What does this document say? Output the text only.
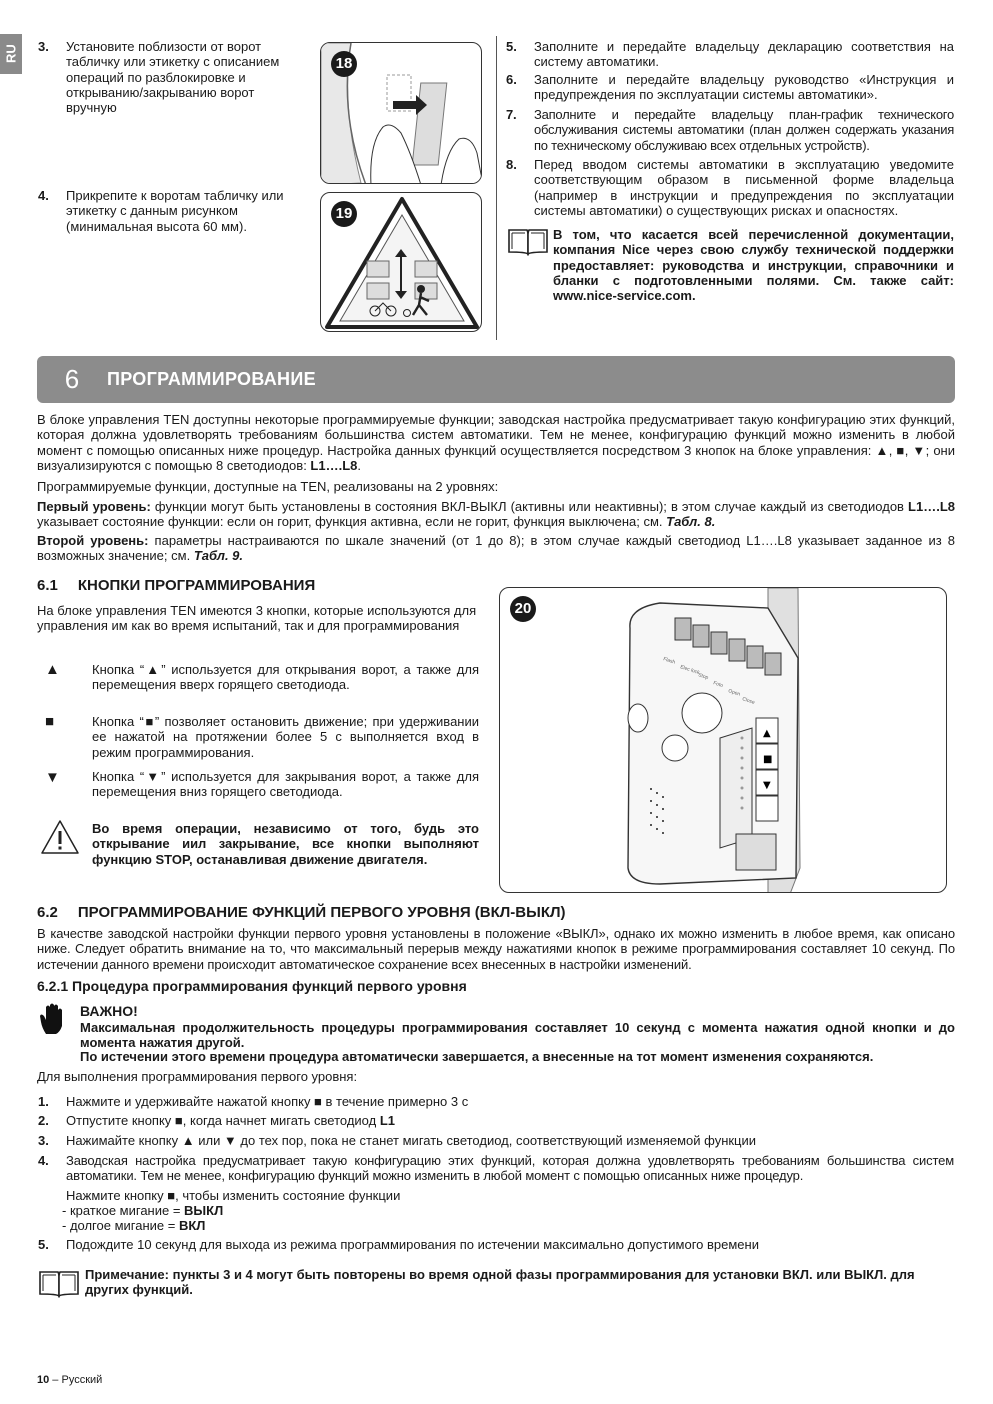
RU 3.	Установите поблизости от ворот табличку или этикетку с описанием операций по разблокировке и открыванию/закрыванию ворот вручную
4.	Прикрепите к воротам табличку или этикетку с данным рисунком (минимальная высота 60 мм).
18
19
5.	Заполните и передайте владельцу декларацию соответствия на систему автоматики.
6.	Заполните и передайте владельцу руководство «Инструкция и предупреждения по эксплуатации системы автоматики».
7.	Заполните и передайте владельцу план-график технического обслуживания системы автоматики (план должен содержать указания по техническому обслуживаю всех отдельных устройств).
8.	Перед вводом системы автоматики в эксплуатацию уведомите соответствующим образом в письменной форме владельца (например в инструкции и предупреждения по эксплуатации системы автоматики) о существующих рисках и опасностях.
В том, что касается всей перечисленной документации, компания Nice через свою службу технической поддержки предоставляет: руководства и инструкции, справочники и бланки с подготовленными полями. См. также сайт: www.nice-service.com.
6	ПРОГРАММИРОВАНИЕ
В блоке управления TEN доступны некоторые программируемые функции; заводская настройка предусматривает такую конфигурацию этих функций, которая должна удовлетворять требованиям большинства систем автоматики. Тем не менее, конфигурацию функций можно изменить в любой момент с помощью описанных ниже процедур. Настройка данных функций осуществляется посредством 3 кнопок на блоке управления: ▲, ■, ▼; они визуализируются с помощью 8 светодиодов: L1….L8.
Программируемые функции, доступные на TEN, реализованы на 2 уровнях:
Первый уровень: функции могут быть установлены в состояния ВКЛ-ВЫКЛ (активны или неактивны); в этом случае каждый из светодиодов L1….L8 указывает состояние функции: если он горит, функция активна, если не горит, функция выключена; см. Табл. 8.
Второй уровень: параметры настраиваются по шкале значений (от 1 до 8); в этом случае каждый светодиод L1….L8 указывает заданное из 8 возможных значение; см. Табл. 9.
6.1 КНОПКИ ПРОГРАММИРОВАНИЯ
На блоке управления TEN имеются 3 кнопки, которые используются для управления им как во время испытаний, так и для программирования
▲ Кнопка “▲” используется для открывания ворот, а также для перемещения вверх горящего светодиода.
■	Кнопка “■” позволяет остановить движение; при удерживании ее нажатой на протяжении более 5 с выполняется вход в режим программирования.
▼ Кнопка “▼” используется для закрывания ворот, а также для перемещения вниз горящего светодиода.
Во время операции, независимо от того, будь это открывание иил закрывание, все кнопки выполняют функцию STOP, останавливая движение двигателя.
Flash
Elec lock
Stop
Foto
Open
Close
▲
■
▼
20
6.2 ПРОГРАММИРОВАНИЕ ФУНКЦИЙ ПЕРВОГО УРОВНЯ (ВКЛ-ВЫКЛ)
В качестве заводской настройки функции первого уровня установлены в положение «ВЫКЛ», однако их можно изменить в любое время, как описано ниже. Следует обратить внимание на то, что максимальный перерыв между нажатиями кнопок в режиме программирования составляет 10 секунд. По истечении данного времени происходит автоматическое сохранение всех внесенных в настройки изменений.
6.2.1 Процедура программирования функций первого уровня
ВАЖНО!
Максимальная продолжительность процедуры программирования составляет 10 секунд с момента нажатия одной кнопки и до момента нажатия другой.
По истечении этого времени процедура автоматически завершается, а внесенные на тот момент изменения сохраняются.
Для выполнения программирования первого уровня:
1.	Нажмите и удерживайте нажатой кнопку ■ в течение примерно 3 с
2.	Отпустите кнопку ■, когда начнет мигать светодиод L1
3.	Нажимайте кнопку ▲ или ▼ до тех пор, пока не станет мигать светодиод, соответствующий изменяемой функции
4.	Заводская настройка предусматривает такую конфигурацию этих функций, которая должна удовлетворять требованиям большинства систем автоматики. Тем не менее, конфигурацию функций можно изменить в любой момент с помощью описанных ниже процедур.
Нажмите кнопку ■, чтобы изменить состояние функции
- краткое мигание = ВЫКЛ
- долгое мигание = ВКЛ
5.	Подождите 10 секунд для выхода из режима программирования по истечении максимально допустимого времени
Примечание: пункты 3 и 4 могут быть повторены во время одной фазы программирования для установки ВКЛ. или ВЫКЛ. для других функций.
10 – Русский
